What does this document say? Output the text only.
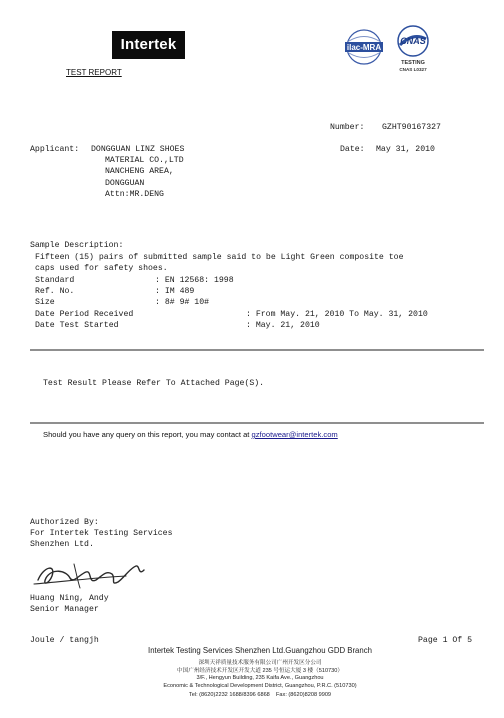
Intertek
TEST REPORT
ilac-MRA
CNAS
TESTING
CNAS L0327
Number: GZHT90167327
Date: May 31, 2010
Applicant: DONGGUAN LINZ SHOES
MATERIAL CO.,LTD
NANCHENG AREA,
DONGGUAN
Attn:MR.DENG
Sample Description:
Fifteen (15) pairs of submitted sample said to be Light Green composite toe
caps used for safety shoes.
Standard	: EN 12568: 1998
Ref. No.	: IM 489
Size	: 8# 9# 10#
Date Period Received	: From May. 21, 2010 To May. 31, 2010
Date Test Started	: May. 21, 2010
Test Result Please Refer To Attached Page(S).
Should you have any query on this report, you may contact at gzfootwear@intertek.com
Authorized By:
For Intertek Testing Services
Shenzhen Ltd.
Huang Ning, Andy
Senior Manager
Joule / tangjh	Page 1 Of 5
Intertek Testing Services Shenzhen Ltd.Guangzhou GDD Branch
深圳天祥质量技术服务有限公司广州开发区分公司
中国广州经济技术开发区开发大道 235 号恒运大厦 3 楼（510730）
3/F., Hengyun Building, 235 Kaifa Ave., Guangzhou
Economic & Technological Development District, Guangzhou, P.R.C. (510730)
Tel: (8620)2232 1688/8396 6868    Fax: (8620)8208 9909
